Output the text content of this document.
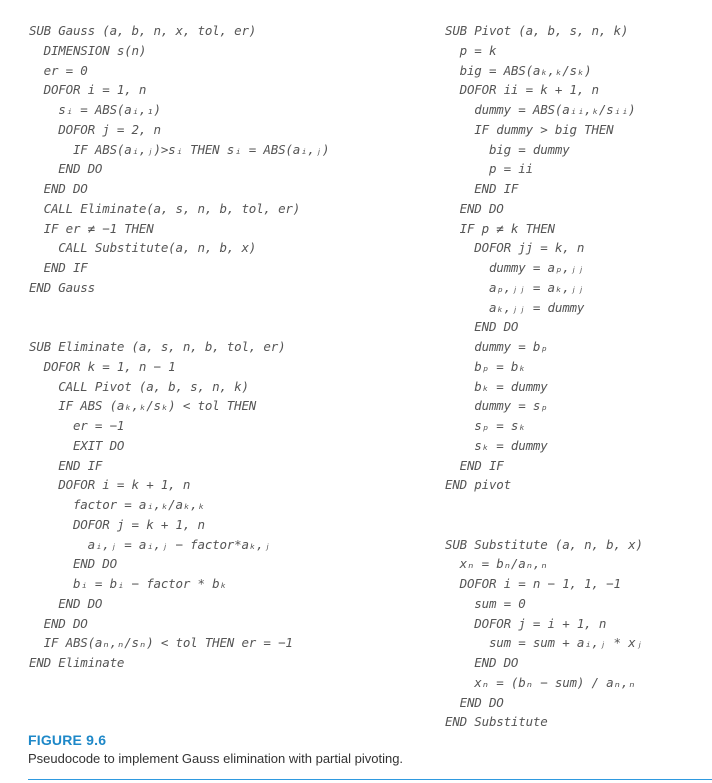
SUB Gauss (a, b, n, x, tol, er)
DIMENSION s(n)
er = 0
DOFOR i = 1, n
sᵢ = ABS(aᵢ,₁)
DOFOR j = 2, n
IF ABS(aᵢ,ⱼ)>sᵢ THEN sᵢ = ABS(aᵢ,ⱼ)
END DO
END DO
CALL Eliminate(a, s, n, b, tol, er)
IF er ≠ −1 THEN
CALL Substitute(a, n, b, x)
END IF
END Gauss
SUB Eliminate (a, s, n, b, tol, er)
DOFOR k = 1, n − 1
CALL Pivot (a, b, s, n, k)
IF ABS (aₖ,ₖ/sₖ) < tol THEN
er = −1
EXIT DO
END IF
DOFOR i = k + 1, n
factor = aᵢ,ₖ/aₖ,ₖ
DOFOR j = k + 1, n
aᵢ,ⱼ = aᵢ,ⱼ − factor*aₖ,ⱼ
END DO
bᵢ = bᵢ − factor * bₖ
END DO
END DO
IF ABS(aₙ,ₙ/sₙ) < tol THEN er = −1
END Eliminate
SUB Pivot (a, b, s, n, k)
p = k
big = ABS(aₖ,ₖ/sₖ)
DOFOR ii = k + 1, n
dummy = ABS(aᵢᵢ,ₖ/sᵢᵢ)
IF dummy > big THEN
big = dummy
p = ii
END IF
END DO
IF p ≠ k THEN
DOFOR jj = k, n
dummy = aₚ,ⱼⱼ
aₚ,ⱼⱼ = aₖ,ⱼⱼ
aₖ,ⱼⱼ = dummy
END DO
dummy = bₚ
bₚ = bₖ
bₖ = dummy
dummy = sₚ
sₚ = sₖ
sₖ = dummy
END IF
END pivot
SUB Substitute (a, n, b, x)
xₙ = bₙ/aₙ,ₙ
DOFOR i = n − 1, 1, −1
sum = 0
DOFOR j = i + 1, n
sum = sum + aᵢ,ⱼ * xⱼ
END DO
xₙ = (bₙ − sum) / aₙ,ₙ
END DO
END Substitute
FIGURE 9.6
Pseudocode to implement Gauss elimination with partial pivoting.
